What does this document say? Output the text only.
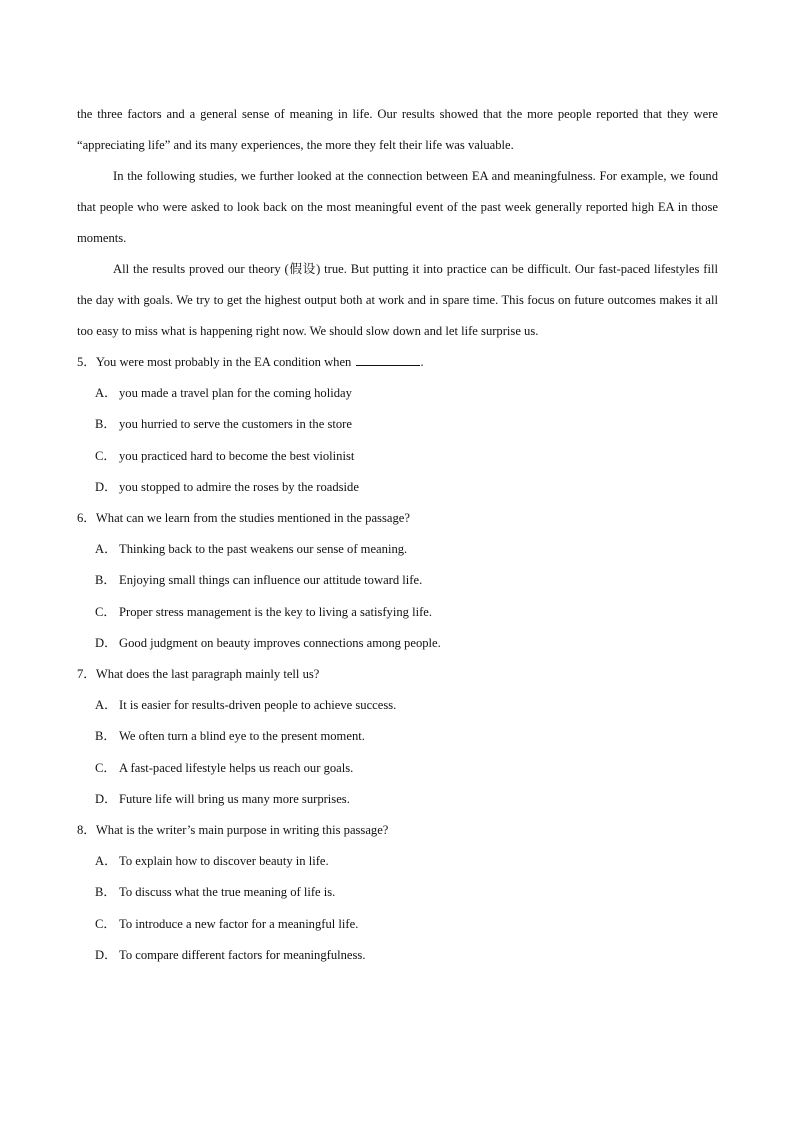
the three factors and a general sense of meaning in life. Our results showed that the more people reported that they were “appreciating life” and its many experiences, the more they felt their life was valuable.

In the following studies, we further looked at the connection between EA and meaningfulness. For example, we found that people who were asked to look back on the most meaningful event of the past week generally reported high EA in those moments.

All the results proved our theory (假设) true. But putting it into practice can be difficult. Our fast-paced lifestyles fill the day with goals. We try to get the highest output both at work and in spare time. This focus on future outcomes makes it all too easy to miss what is happening right now. We should slow down and let life surprise us.

5．You were most probably in the EA condition when	.

A． you made a travel plan for the coming holiday

B． you hurried to serve the customers in the store

C． you practiced hard to become the best violinist

D． you stopped to admire the roses by the roadside

6．What can we learn from the studies mentioned in the passage?

A． Thinking back to the past weakens our sense of meaning.

B． Enjoying small things can influence our attitude toward life.

C． Proper stress management is the key to living a satisfying life.

D． Good judgment on beauty improves connections among people.

7．What does the last paragraph mainly tell us?

A． It is easier for results-driven people to achieve success.

B． We often turn a blind eye to the present moment.

C． A fast-paced lifestyle helps us reach our goals.

D． Future life will bring us many more surprises.

8．What is the writer’s main purpose in writing this passage?

A． To explain how to discover beauty in life.

B． To discuss what the true meaning of life is.

C． To introduce a new factor for a meaningful life.

D． To compare different factors for meaningfulness.
